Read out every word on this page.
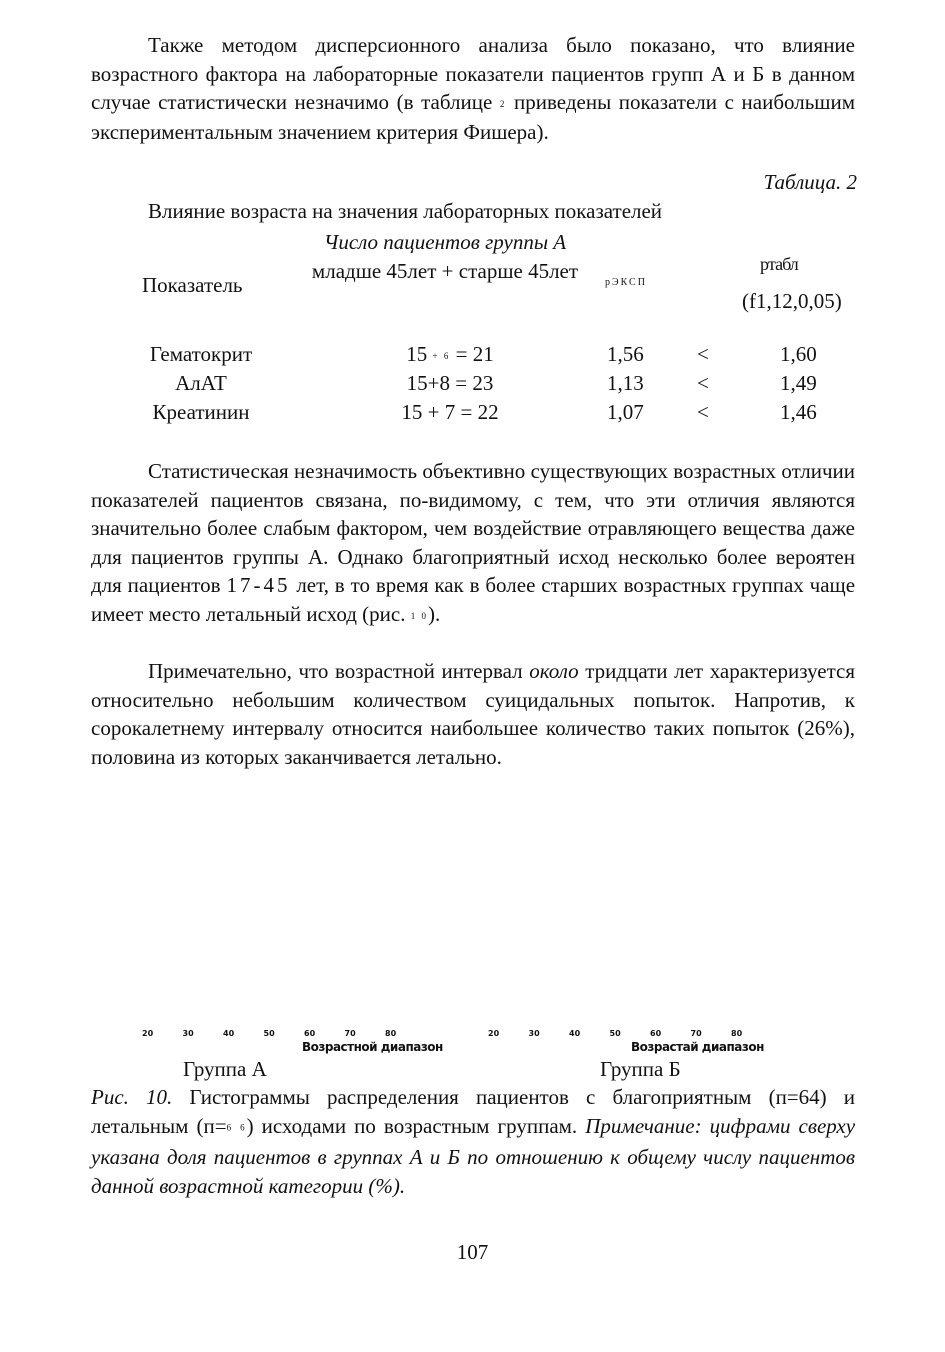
Также методом дисперсионного анализа было показано, что влияние возрастного фактора на лабораторные показатели пациентов групп А и Б в данном случае статистически незначимо (в таблице 2 приведены показатели с наибольшим экспериментальным значением критерия Фишера).

Таблица. 2
Влияние возраста на значения лабораторных показателей
Число пациентов группы А
младше 45лет + старше 45лет
Показатель	рЭКСП
pтабл
(f1,12,0,05)
Гематокрит	15 + 6 = 21	1,56	<	1,60
АлАТ	15+8 = 23	1,13	<	1,49
Креатинин	15 + 7 = 22	1,07	<	1,46

Статистическая незначимость объективно существующих возрастных отличии показателей пациентов связана, по-видимому, с тем, что эти отличия являются значительно более слабым фактором, чем воздействие отравляющего вещества даже для пациентов группы А. Однако благоприятный исход несколько более вероятен для пациентов 17-45 лет, в то время как в более старших возрастных группах чаще имеет место летальный исход (рис. 1 0).

Примечательно, что возрастной интервал около тридцати лет характеризуется относительно небольшим количеством суицидальных попыток. Напротив, к сорокалетнему интервалу относится наибольшее количество таких попыток (26%), половина из которых заканчивается летально.

20	30	40	50	60	70	80
Возрастной диапазон
20	30	40	50	60	70	80
Возрастай диапазон
Группа А	Группа Б

Рис. 10. Гистограммы распределения пациентов с благоприятным (п=64) и летальным (п=6 6) исходами по возрастным группам. Примечание: цифрами сверху указана доля пациентов в группах А и Б по отношению к общему числу пациентов данной возрастной категории (%).

107
